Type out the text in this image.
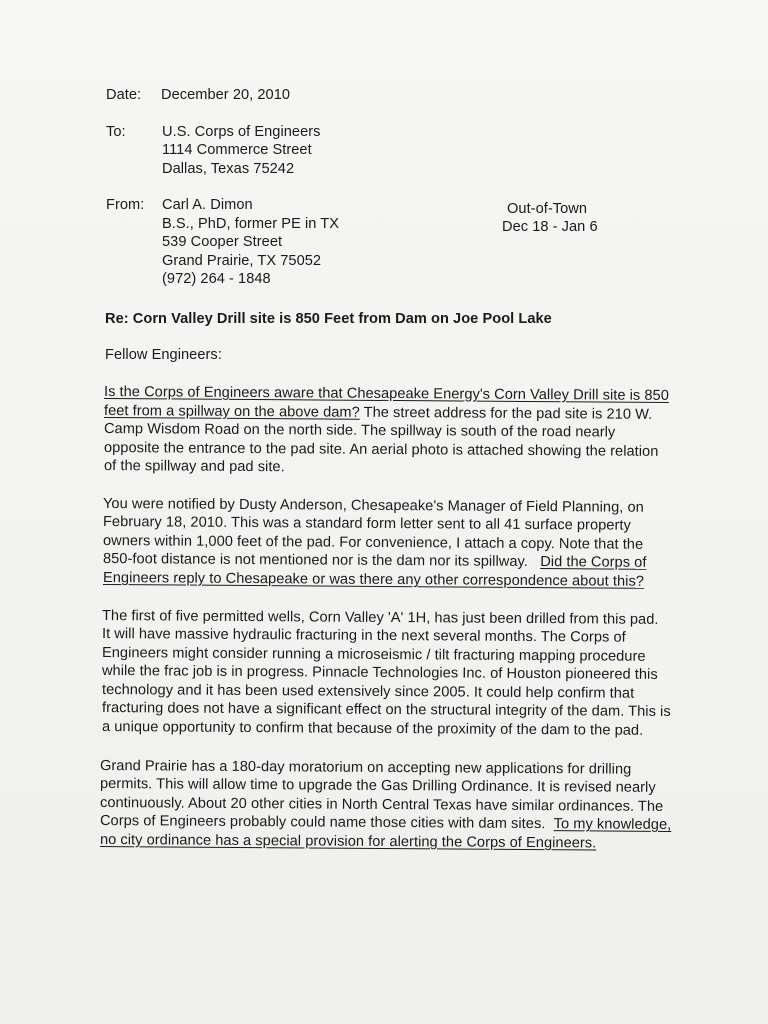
Date: December 20, 2010
To: U.S. Corps of Engineers
1114 Commerce Street
Dallas, Texas 75242
From: Carl A. Dimon
B.S., PhD, former PE in TX
539 Cooper Street
Grand Prairie, TX 75052
(972) 264 - 1848
Out-of-Town
Dec 18 - Jan 6
Re: Corn Valley Drill site is 850 Feet from Dam on Joe Pool Lake
Fellow Engineers:
Is the Corps of Engineers aware that Chesapeake Energy's Corn Valley Drill site is 850
feet from a spillway on the above dam? The street address for the pad site is 210 W.
Camp Wisdom Road on the north side. The spillway is south of the road nearly
opposite the entrance to the pad site. An aerial photo is attached showing the relation
of the spillway and pad site.
You were notified by Dusty Anderson, Chesapeake's Manager of Field Planning, on
February 18, 2010. This was a standard form letter sent to all 41 surface property
owners within 1,000 feet of the pad. For convenience, I attach a copy. Note that the
850-foot distance is not mentioned nor is the dam nor its spillway. Did the Corps of
Engineers reply to Chesapeake or was there any other correspondence about this?
The first of five permitted wells, Corn Valley 'A' 1H, has just been drilled from this pad.
It will have massive hydraulic fracturing in the next several months. The Corps of
Engineers might consider running a microseismic / tilt fracturing mapping procedure
while the frac job is in progress. Pinnacle Technologies Inc. of Houston pioneered this
technology and it has been used extensively since 2005. It could help confirm that
fracturing does not have a significant effect on the structural integrity of the dam. This is
a unique opportunity to confirm that because of the proximity of the dam to the pad.
Grand Prairie has a 180-day moratorium on accepting new applications for drilling
permits. This will allow time to upgrade the Gas Drilling Ordinance. It is revised nearly
continuously. About 20 other cities in North Central Texas have similar ordinances. The
Corps of Engineers probably could name those cities with dam sites. To my knowledge,
no city ordinance has a special provision for alerting the Corps of Engineers.
